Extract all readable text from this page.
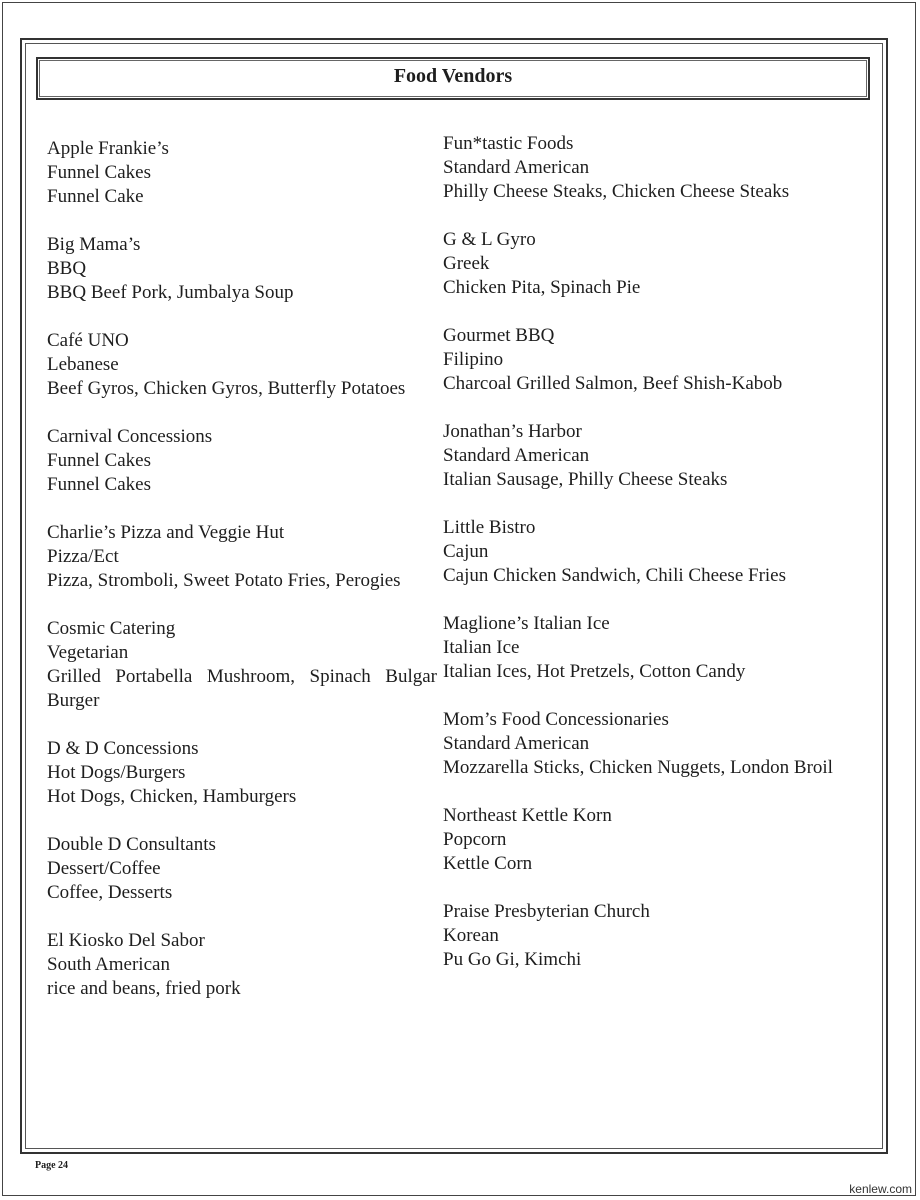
Food Vendors
Apple Frankie’s
Funnel Cakes
Funnel Cake
Big Mama’s
BBQ
BBQ Beef Pork, Jumbalya Soup
Café UNO
Lebanese
Beef Gyros, Chicken Gyros, Butterfly Potatoes
Carnival Concessions
Funnel Cakes
Funnel Cakes
Charlie’s Pizza and Veggie Hut
Pizza/Ect
Pizza, Stromboli, Sweet Potato Fries, Perogies
Cosmic Catering
Vegetarian
Grilled Portabella Mushroom, Spinach Bulgar Burger
D & D Concessions
Hot Dogs/Burgers
Hot Dogs, Chicken, Hamburgers
Double D Consultants
Dessert/Coffee
Coffee, Desserts
El Kiosko Del Sabor
South American
rice and beans, fried pork
Fun*tastic Foods
Standard American
Philly Cheese Steaks, Chicken Cheese Steaks
G & L Gyro
Greek
Chicken Pita, Spinach Pie
Gourmet BBQ
Filipino
Charcoal Grilled Salmon, Beef Shish-Kabob
Jonathan’s Harbor
Standard American
Italian Sausage, Philly Cheese Steaks
Little Bistro
Cajun
Cajun Chicken Sandwich, Chili Cheese Fries
Maglione’s Italian Ice
Italian Ice
Italian Ices, Hot Pretzels, Cotton Candy
Mom’s Food Concessionaries
Standard American
Mozzarella Sticks, Chicken Nuggets, London Broil
Northeast Kettle Korn
Popcorn
Kettle Corn
Praise Presbyterian Church
Korean
Pu Go Gi, Kimchi
Page 24
kenlew.com
